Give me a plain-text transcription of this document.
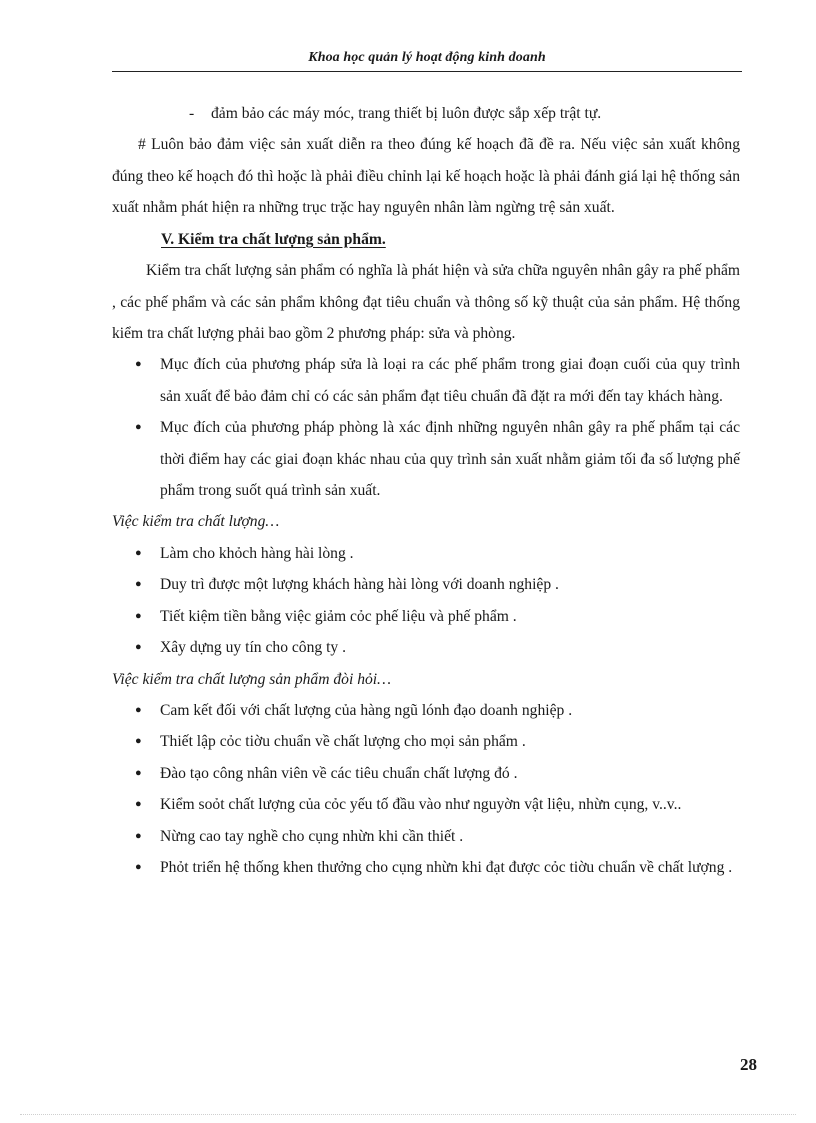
Khoa học quản lý hoạt động kinh doanh

- đảm bảo các máy móc, trang thiết bị luôn được sắp xếp trật tự.

# Luôn bảo đảm việc sản xuất diễn ra theo đúng kế hoạch đã đề ra. Nếu việc sản xuất không đúng theo kế hoạch đó thì hoặc là phải điều chỉnh lại kế hoạch hoặc là phải đánh giá lại hệ thống sản xuất nhằm phát hiện ra những trục trặc hay nguyên nhân làm ngừng trệ sản xuất.

V. Kiểm tra chất lượng sản phẩm.

Kiểm tra chất lượng sản phẩm có nghĩa là phát hiện và sửa chữa nguyên nhân gây ra phế phẩm , các phế phẩm và các sản phẩm không đạt tiêu chuẩn và thông số kỹ thuật của sản phẩm. Hệ thống kiểm tra chất lượng phải bao gồm 2 phương pháp: sửa và phòng.

● Mục đích của phương pháp sửa là loại ra các phế phẩm trong giai đoạn cuối của quy trình sản xuất để bảo đảm chỉ có các sản phẩm đạt tiêu chuẩn đã đặt ra mới đến tay khách hàng.
● Mục đích của phương pháp phòng là xác định những nguyên nhân gây ra phế phẩm tại các thời điểm hay các giai đoạn khác nhau của quy trình sản xuất nhằm giảm tối đa số lượng phế phẩm trong suốt quá trình sản xuất.

Việc kiểm tra chất lượng…

● Làm cho khỏch hàng hài lòng .
● Duy trì được một lượng khách hàng hài lòng với doanh nghiệp .
● Tiết kiệm tiền bằng việc giảm cỏc phế liệu và phế phẩm .
● Xây dựng uy tín cho công ty .

Việc kiểm tra chất lượng sản phẩm đòi hỏi…

● Cam kết đối với chất lượng của hàng ngũ lónh đạo doanh nghiệp .
● Thiết lập cỏc tiờu chuẩn về chất lượng cho mọi sản phẩm .
● Đào tạo công nhân viên về các tiêu chuẩn chất lượng đó .
● Kiểm soỏt chất lượng của cỏc yếu tố đầu vào như nguyờn vật liệu, nhừn cụng, v..v..
● Nừng cao tay nghề cho cụng nhừn khi cần thiết .
● Phỏt triển hệ thống khen thưởng cho cụng nhừn khi đạt được cỏc tiờu chuẩn về chất lượng .
28
